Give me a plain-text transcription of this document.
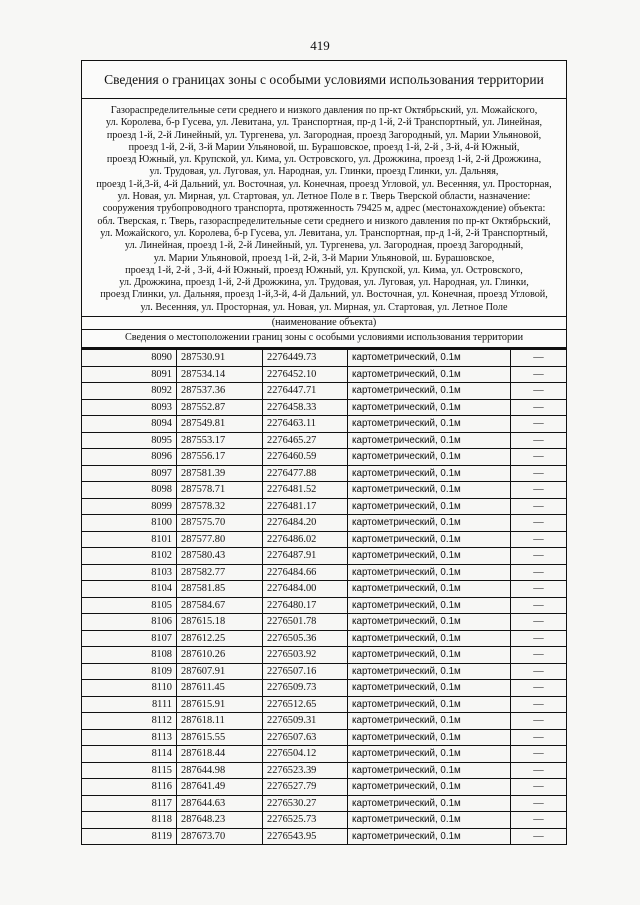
419
Сведения о границах зоны с особыми условиями использования территории
Газораспределительные сети среднего и низкого давления по пр-кт Октябрьский, ул. Можайского,
ул. Королева, б-р Гусева, ул. Левитана, ул. Транспортная, пр-д 1-й, 2-й Транспортный, ул. Линейная,
проезд 1-й, 2-й Линейный, ул. Тургенева, ул. Загородная, проезд Загородный, ул. Марии Ульяновой,
проезд 1-й, 2-й, 3-й Марии Ульяновой, ш. Бурашовское, проезд 1-й, 2-й , 3-й, 4-й Южный,
проезд Южный, ул. Крупской, ул. Кима, ул. Островского, ул. Дрожжина, проезд 1-й, 2-й Дрожжина,
ул. Трудовая, ул. Луговая, ул. Народная, ул. Глинки, проезд Глинки, ул. Дальняя,
проезд 1-й,3-й, 4-й Дальний, ул. Восточная, ул. Конечная, проезд Угловой, ул. Весенняя, ул. Просторная,
ул. Новая, ул. Мирная, ул. Стартовая, ул. Летное Поле в г. Тверь Тверской области, назначение:
сооружения трубопроводного транспорта, протяженность 79425 м, адрес (местонахождение) объекта:
обл. Тверская, г. Тверь, газораспределительные сети среднего и низкого давления по пр-кт Октябрьский,
ул. Можайского, ул. Королева, б-р Гусева, ул. Левитана, ул. Транспортная, пр-д 1-й, 2-й Транспортный,
ул. Линейная, проезд 1-й, 2-й Линейный, ул. Тургенева, ул. Загородная, проезд Загородный,
ул. Марии Ульяновой, проезд 1-й, 2-й, 3-й Марии Ульяновой, ш. Бурашовское,
проезд 1-й, 2-й , 3-й, 4-й Южный, проезд Южный, ул. Крупской, ул. Кима, ул. Островского,
ул. Дрожжина, проезд 1-й, 2-й Дрожжина, ул. Трудовая, ул. Луговая, ул. Народная, ул. Глинки,
проезд Глинки, ул. Дальняя, проезд 1-й,3-й, 4-й Дальний, ул. Восточная, ул. Конечная, проезд Угловой,
ул. Весенняя, ул. Просторная, ул. Новая, ул. Мирная, ул. Стартовая, ул. Летное Поле
(наименование объекта)
Сведения о местоположении границ зоны с особыми условиями использования территории
8090	287530.91	2276449.73	картометрический, 0.1м	—
8091	287534.14	2276452.10	картометрический, 0.1м	—
8092	287537.36	2276447.71	картометрический, 0.1м	—
8093	287552.87	2276458.33	картометрический, 0.1м	—
8094	287549.81	2276463.11	картометрический, 0.1м	—
8095	287553.17	2276465.27	картометрический, 0.1м	—
8096	287556.17	2276460.59	картометрический, 0.1м	—
8097	287581.39	2276477.88	картометрический, 0.1м	—
8098	287578.71	2276481.52	картометрический, 0.1м	—
8099	287578.32	2276481.17	картометрический, 0.1м	—
8100	287575.70	2276484.20	картометрический, 0.1м	—
8101	287577.80	2276486.02	картометрический, 0.1м	—
8102	287580.43	2276487.91	картометрический, 0.1м	—
8103	287582.77	2276484.66	картометрический, 0.1м	—
8104	287581.85	2276484.00	картометрический, 0.1м	—
8105	287584.67	2276480.17	картометрический, 0.1м	—
8106	287615.18	2276501.78	картометрический, 0.1м	—
8107	287612.25	2276505.36	картометрический, 0.1м	—
8108	287610.26	2276503.92	картометрический, 0.1м	—
8109	287607.91	2276507.16	картометрический, 0.1м	—
8110	287611.45	2276509.73	картометрический, 0.1м	—
8111	287615.91	2276512.65	картометрический, 0.1м	—
8112	287618.11	2276509.31	картометрический, 0.1м	—
8113	287615.55	2276507.63	картометрический, 0.1м	—
8114	287618.44	2276504.12	картометрический, 0.1м	—
8115	287644.98	2276523.39	картометрический, 0.1м	—
8116	287641.49	2276527.79	картометрический, 0.1м	—
8117	287644.63	2276530.27	картометрический, 0.1м	—
8118	287648.23	2276525.73	картометрический, 0.1м	—
8119	287673.70	2276543.95	картометрический, 0.1м	—
